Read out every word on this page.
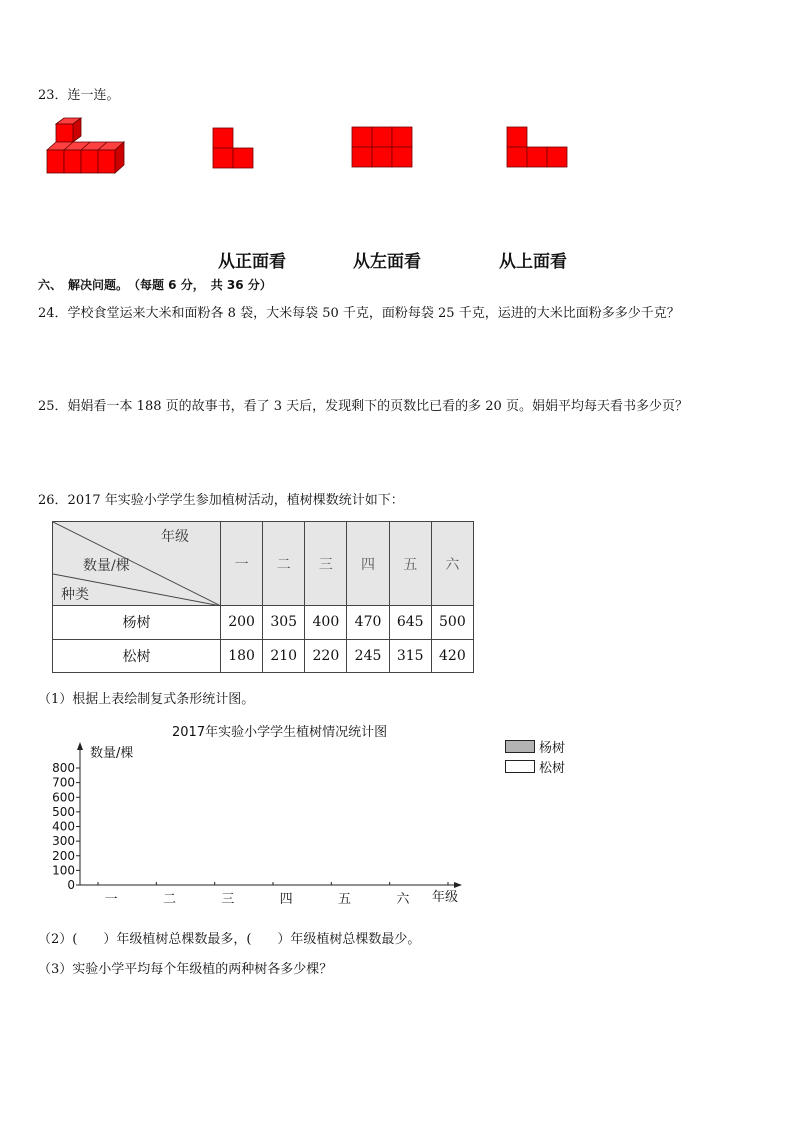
23．连一连。
从正面看	从左面看	从上面看
六、　解决问题。　（每题 6 分，　共 36 分）
24．学校食堂运来大米和面粉各 8 袋，大米每袋 50 千克，面粉每袋 25 千克，运进的大米比面粉多多少千克？
25．娟娟看一本 188 页的故事书，看了 3 天后，发现剩下的页数比已看的多 20 页。娟娟平均每天看书多少页？
26．2017 年实验小学学生参加植树活动，植树棵数统计如下：
年级
数量/棵
种类	一	二	三	四	五	六
杨树	200	305	400	470	645	500
松树	180	210	220	245	315	420
（1）根据上表绘制复式条形统计图。
2017年实验小学学生植树情况统计图
0
100
200
300
400
500
600
700
800
数量/棵
一	二	三	四	五	六 年级
杨树
松树
（2）(　　）年级植树总棵数最多，(　　）年级植树总棵数最少。
（3）实验小学平均每个年级植的两种树各多少棵？
